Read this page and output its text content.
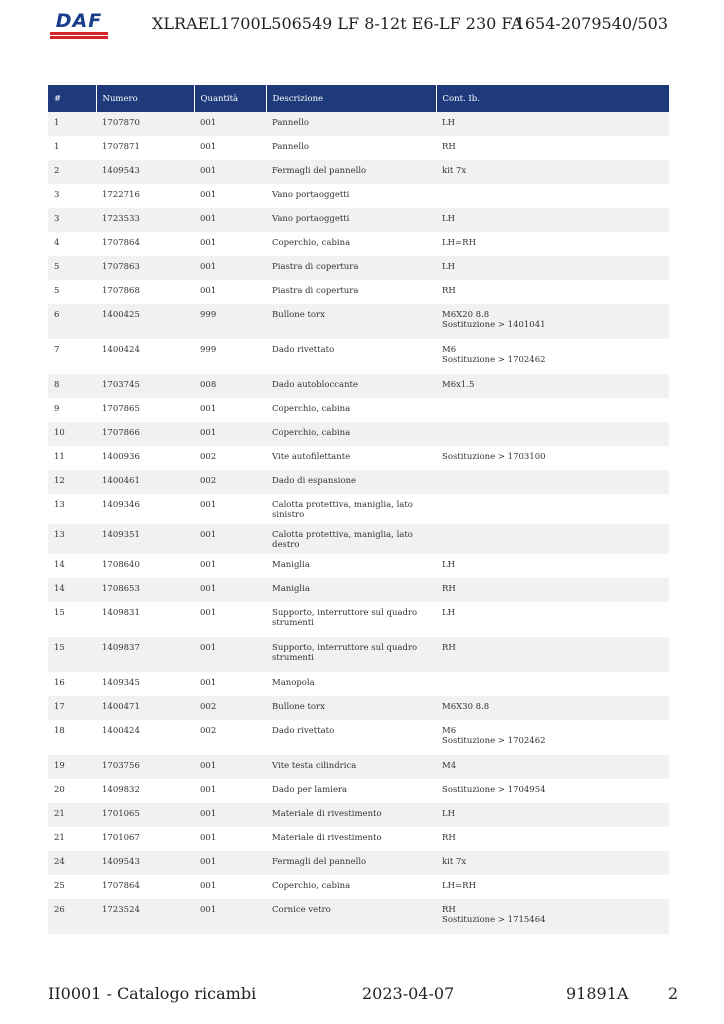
DAF	XLRAEL1700L506549 LF 8-12t E6-LF 230 FA
1654-2079540/503
#	Numero	Quantità	Descrizione	Cont. Ib.
1	1707870	001	Pannello	LH

1	1707871	001	Pannello	RH

2	1409543	001	Fermagli del pannello	kit 7x

3	1722716	001	Vano portaoggetti	

3	1723533	001	Vano portaoggetti	LH

4	1707864	001	Coperchio, cabina	LH=RH

5	1707863	001	Piastra di copertura	LH

5	1707868	001	Piastra di copertura	RH

6	1400425	999	Bullone torx	M6X20 8.8
Sostituzione > 1401041

7	1400424	999	Dado rivettato	M6
Sostituzione > 1702462

8	1703745	008	Dado autobloccante	M6x1.5

9	1707865	001	Coperchio, cabina	

10	1707866	001	Coperchio, cabina	

11	1400936	002	Vite autofilettante	Sostituzione > 1703100

12	1400461	002	Dado di espansione	

13	1409346	001	Calotta protettiva, maniglia, lato sinistro	

13	1409351	001	Calotta protettiva, maniglia, lato destro	

14	1708640	001	Maniglia	LH

14	1708653	001	Maniglia	RH

15	1409831	001	Supporto, interruttore sul quadro strumenti	LH

15	1409837	001	Supporto, interruttore sul quadro strumenti	RH

16	1409345	001	Manopola	

17	1400471	002	Bullone torx	M6X30 8.8

18	1400424	002	Dado rivettato	M6
Sostituzione > 1702462

19	1703756	001	Vite testa cilindrica	M4

20	1409832	001	Dado per lamiera	Sostituzione > 1704954

21	1701065	001	Materiale di rivestimento	LH

21	1701067	001	Materiale di rivestimento	RH

24	1409543	001	Fermagli del pannello	kit 7x

25	1707864	001	Coperchio, cabina	LH=RH

26	1723524	001	Cornice vetro	RH
Sostituzione > 1715464
II0001 - Catalogo ricambi	2023-04-07	91891A 2
